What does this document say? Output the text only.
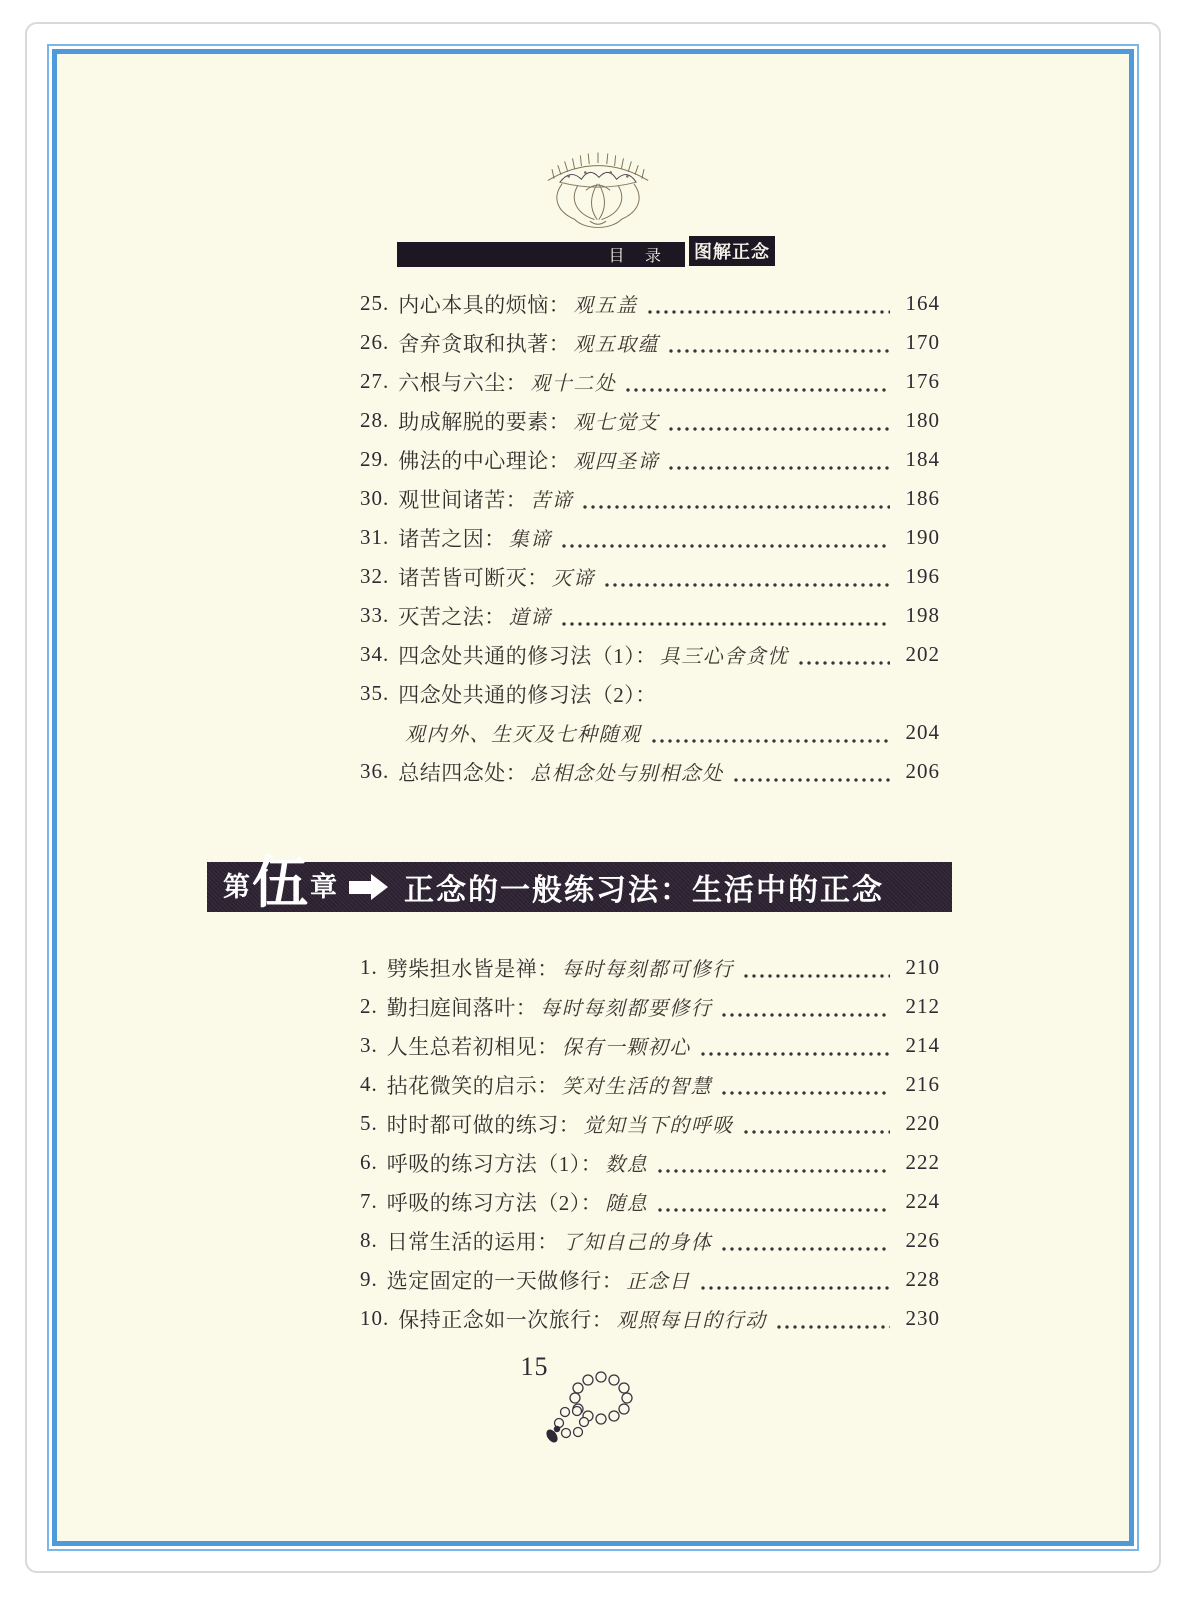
目 录 图解正念
25. 内心本具的烦恼： 观五盖	164
26. 舍弃贪取和执著： 观五取蕴	170
27. 六根与六尘： 观十二处	176
28. 助成解脱的要素： 观七觉支	180
29. 佛法的中心理论： 观四圣谛	184
30. 观世间诸苦： 苦谛	186
31. 诸苦之因： 集谛	190
32. 诸苦皆可断灭： 灭谛	196
33. 灭苦之法： 道谛	198
34. 四念处共通的修习法（1）： 具三心舍贪忧	202
35. 四念处共通的修习法（2）：
观内外、生灭及七种随观	204
36. 总结四念处： 总相念处与别相念处	206
第 伍 章 正念的一般练习法：生活中的正念
1. 劈柴担水皆是禅： 每时每刻都可修行	210
2. 勤扫庭间落叶： 每时每刻都要修行	212
3. 人生总若初相见： 保有一颗初心	214
4. 拈花微笑的启示： 笑对生活的智慧	216
5. 时时都可做的练习： 觉知当下的呼吸	220
6. 呼吸的练习方法（1）： 数息	222
7. 呼吸的练习方法（2）： 随息	224
8. 日常生活的运用： 了知自己的身体	226
9. 选定固定的一天做修行： 正念日	228
10. 保持正念如一次旅行： 观照每日的行动	230
15
